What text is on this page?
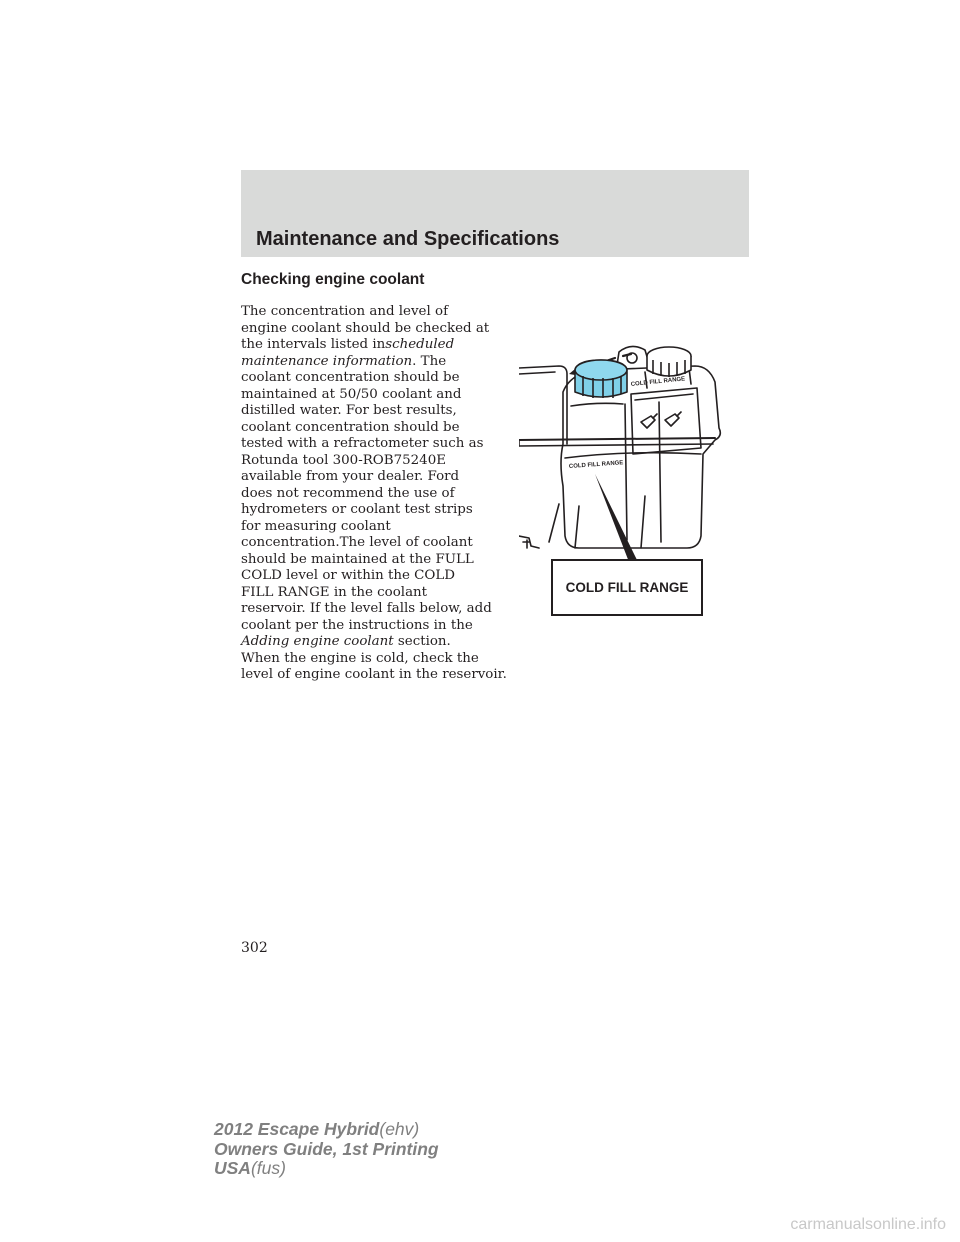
Maintenance and Specifications
Checking engine coolant
The concentration and level of
engine coolant should be checked at
the intervals listed inscheduled
maintenance information. The
coolant concentration should be
maintained at 50/50 coolant and
distilled water. For best results,
coolant concentration should be
tested with a refractometer such as
Rotunda tool 300-ROB75240E
available from your dealer. Ford
does not recommend the use of
hydrometers or coolant test strips
for measuring coolant
concentration.The level of coolant
should be maintained at the FULL
COLD level or within the COLD
FILL RANGE in the coolant
reservoir. If the level falls below, add
coolant per the instructions in the
Adding engine coolant section.
When the engine is cold, check the
level of engine coolant in the reservoir.
COLD FILL RANGE
COLD FILL RANGE
COLD FILL RANGE
302
2012 Escape Hybrid(ehv)
Owners Guide, 1st Printing
USA(fus)
carmanualsonline.info
